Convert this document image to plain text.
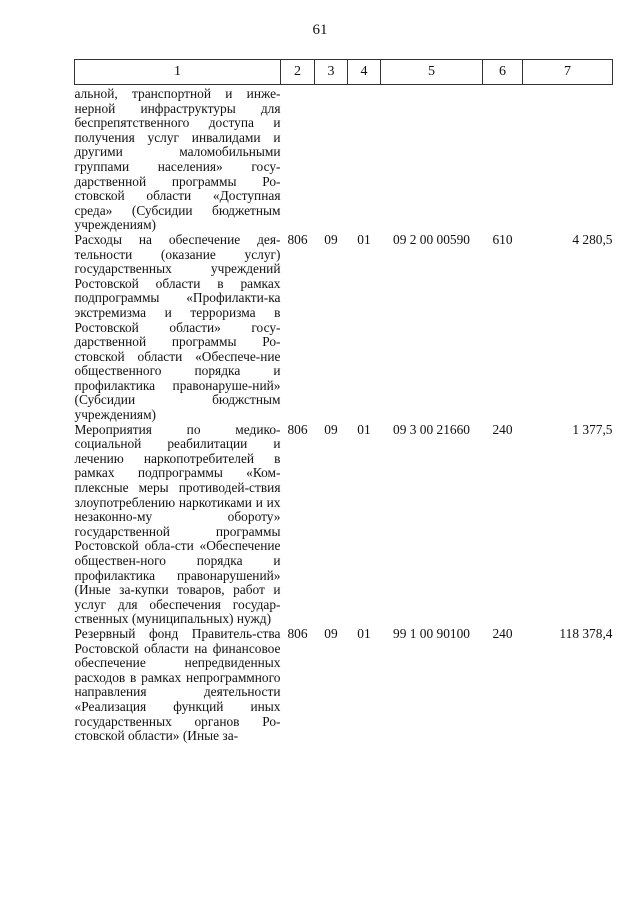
61
1	2	3	4	5	6	7
альной, транспортной и инже-нерной инфраструктуры для беспрепятственного доступа и получения услуг инвалидами и другими маломобильными группами населения» госу-дарственной программы Ро-стовской области «Доступная среда» (Субсидии бюджетным учреждениям)						
Расходы на обеспечение дея-тельности (оказание услуг) государственных учреждений Ростовской области в рамках подпрограммы «Профилакти-ка экстремизма и терроризма в Ростовской области» госу-дарственной программы Ро-стовской области «Обеспече-ние общественного порядка и профилактика правонаруше-ний» (Субсидии бюджстным учреждениям)	806	09	01	09 2 00 00590	610	4 280,5
Мероприятия по медико-социальной реабилитации и лечению наркопотребителей в рамках подпрограммы «Ком-плексные меры противодей-ствия злоупотреблению наркотиками и их незаконно-му обороту» государственной программы Ростовской обла-сти «Обеспечение обществен-ного порядка и профилактика правонарушений» (Иные за-купки товаров, работ и услуг для обеспечения государ-ственных (муниципальных) нужд)	806	09	01	09 3 00 21660	240	1 377,5
Резервный фонд Правитель-ства Ростовской области на финансовое обеспечение непредвиденных расходов в рамках непрограммного направления деятельности «Реализация функций иных государственных органов Ро-стовской области» (Иные за-	806	09	01	99 1 00 90100	240	118 378,4
